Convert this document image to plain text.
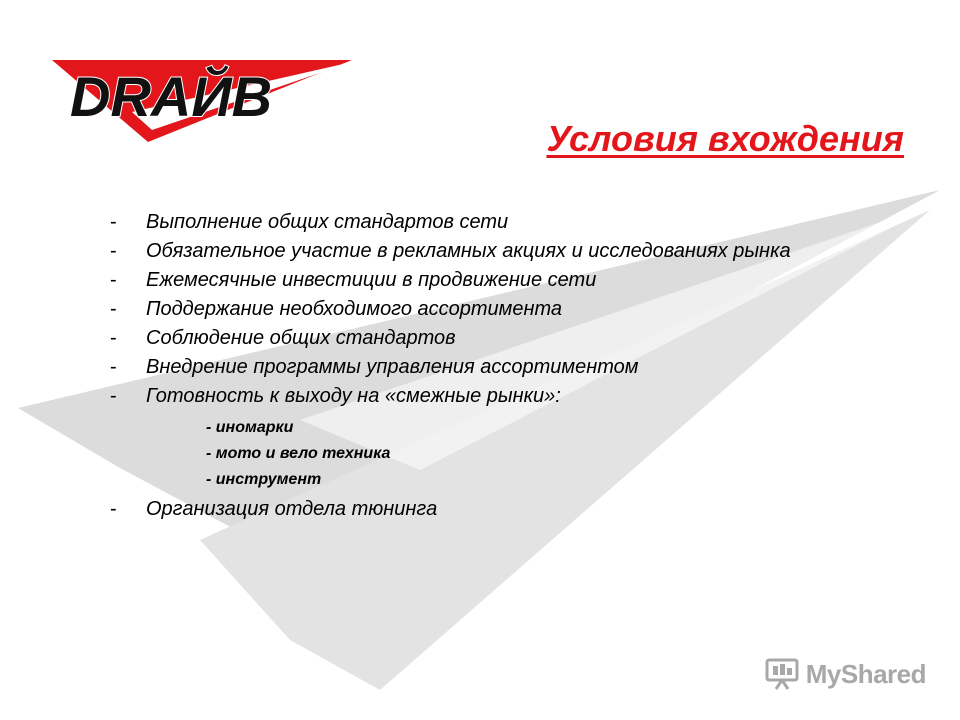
DRАЙВ
Условия вхождения
-	Выполнение общих стандартов сети
-	Обязательное участие в рекламных акциях и исследованиях рынка
-	Ежемесячные инвестиции в продвижение сети
-	Поддержание необходимого ассортимента
-	Соблюдение общих стандартов
-	Внедрение программы управления ассортиментом
-	Готовность к выходу на «смежные рынки»:
- иномарки
- мото и вело техника
- инструмент
-	Организация отдела тюнинга
MyShared
